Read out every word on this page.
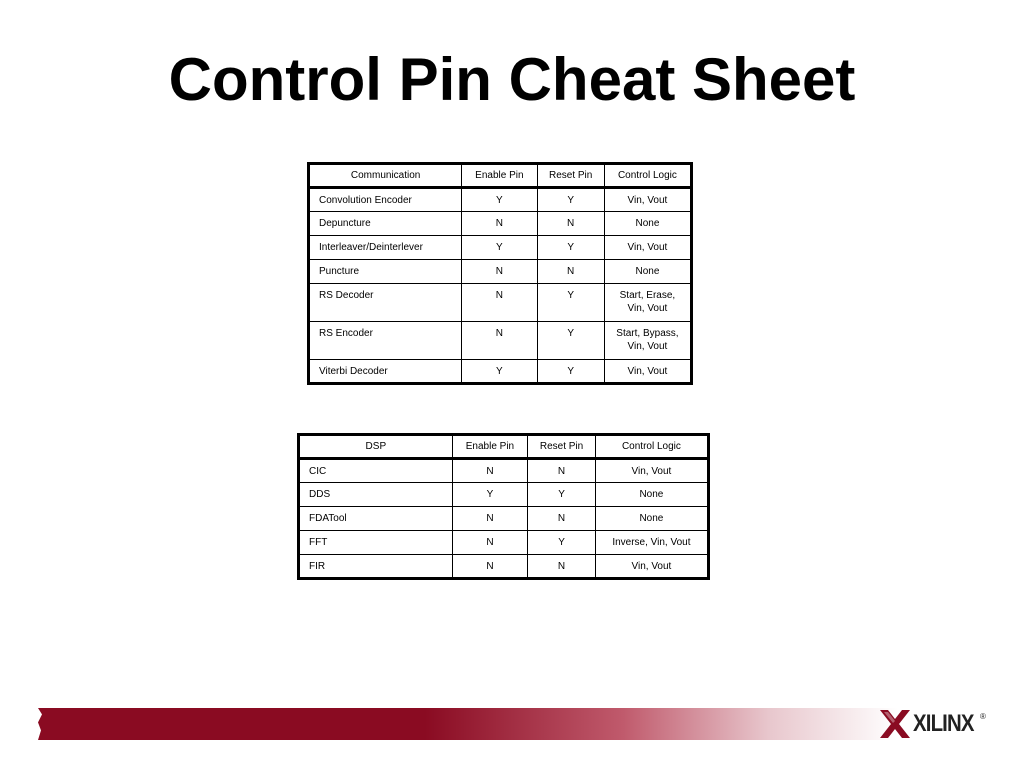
Control Pin Cheat Sheet
Communication	Enable Pin	Reset Pin	Control Logic
Convolution Encoder	Y	Y	Vin, Vout
Depuncture	N	N	None
Interleaver/Deinterlever	Y	Y	Vin, Vout
Puncture	N	N	None
RS Decoder	N	Y	Start, Erase,
Vin, Vout
RS Encoder	N	Y	Start, Bypass,
Vin, Vout
Viterbi Decoder	Y	Y	Vin, Vout
DSP	Enable Pin	Reset Pin	Control Logic
CIC	N	N	Vin, Vout
DDS	Y	Y	None
FDATool	N	N	None
FFT	N	Y	Inverse, Vin, Vout
FIR	N	N	Vin, Vout
XILINX ®
